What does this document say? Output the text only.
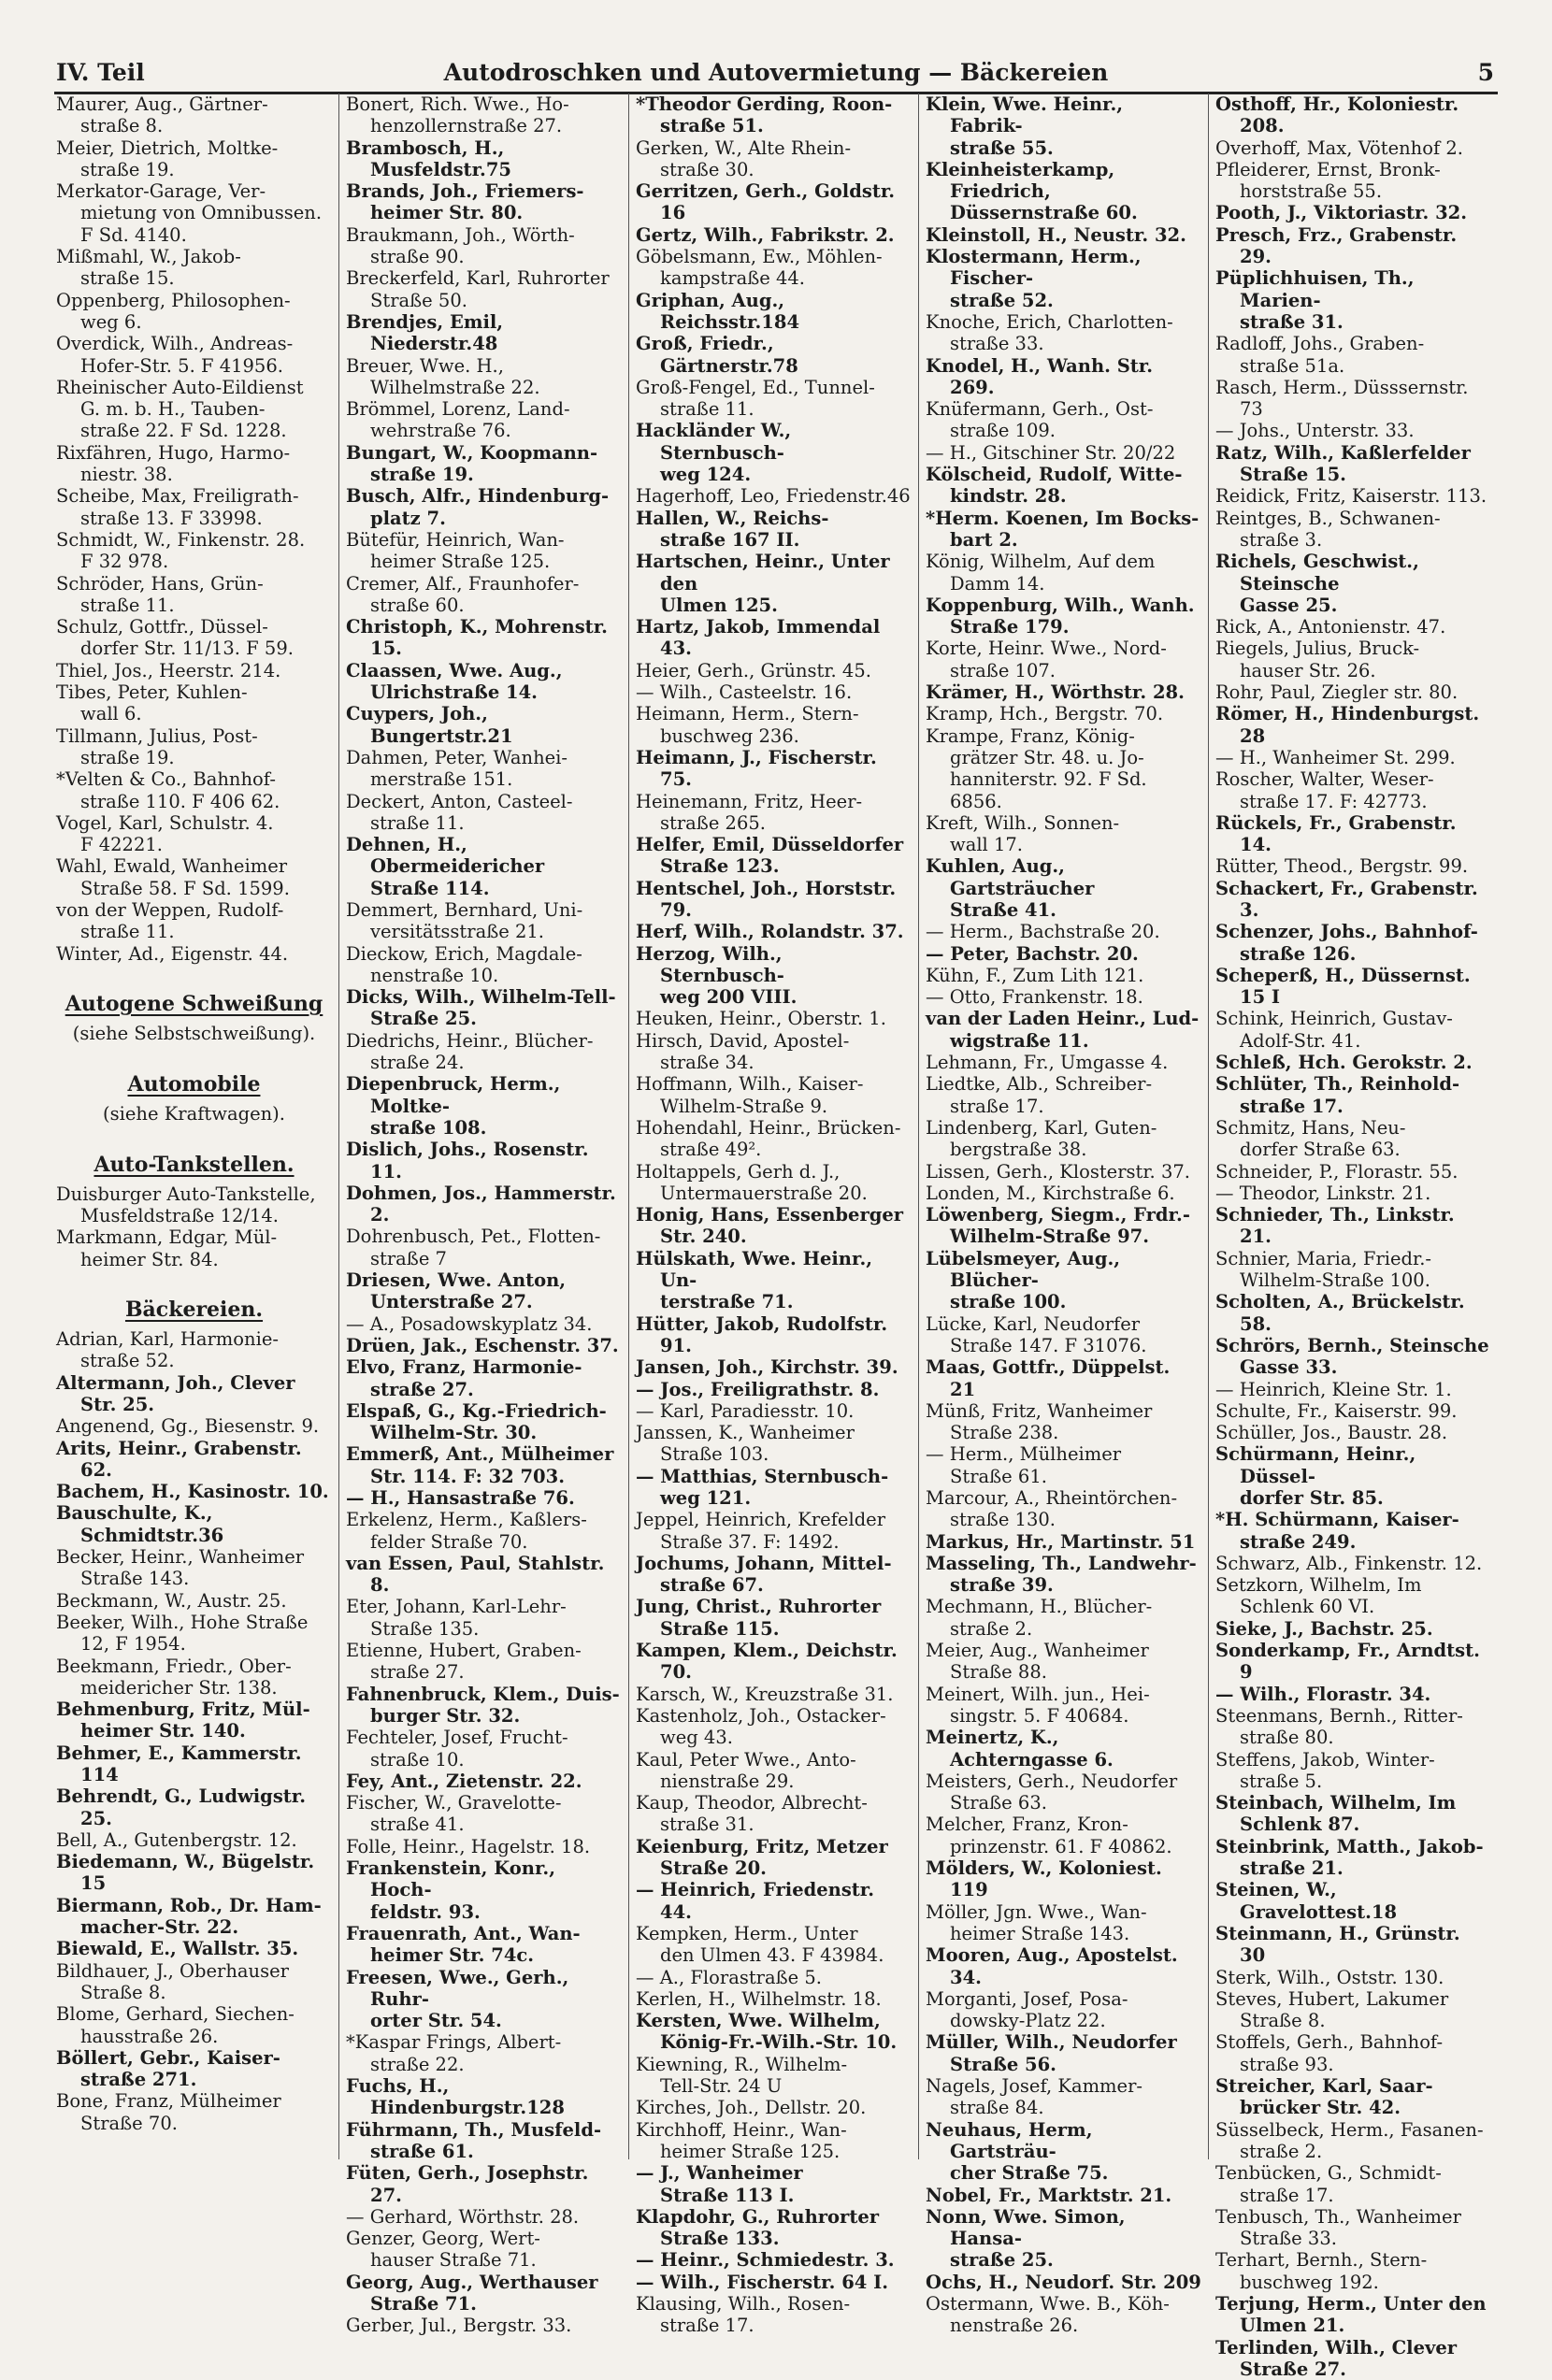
IV. Teil	Autodroschken und Autovermietung — Bäckereien	5
Maurer, Aug., Gärtner-
straße 8.
Meier, Dietrich, Moltke-
straße 19.
Merkator-Garage, Ver-
mietung von Omnibussen.
F Sd. 4140.
Mißmahl, W., Jakob-
straße 15.
Oppenberg, Philosophen-
weg 6.
Overdick, Wilh., Andreas-
Hofer-Str. 5. F 41956.
Rheinischer Auto-Eildienst
G. m. b. H., Tauben-
straße 22. F Sd. 1228.
Rixfähren, Hugo, Harmo-
niestr. 38.
Scheibe, Max, Freiligrath-
straße 13. F 33998.
Schmidt, W., Finkenstr. 28.
F 32 978.
Schröder, Hans, Grün-
straße 11.
Schulz, Gottfr., Düssel-
dorfer Str. 11/13. F 59.
Thiel, Jos., Heerstr. 214.
Tibes, Peter, Kuhlen-
wall 6.
Tillmann, Julius, Post-
straße 19.
*Velten & Co., Bahnhof-
straße 110. F 406 62.
Vogel, Karl, Schulstr. 4.
F 42221.
Wahl, Ewald, Wanheimer
Straße 58. F Sd. 1599.
von der Weppen, Rudolf-
straße 11.
Winter, Ad., Eigenstr. 44.
Autogene Schweißung
(siehe Selbstschweißung).
Automobile
(siehe Kraftwagen).
Auto-Tankstellen.
Duisburger Auto-Tankstelle,
Musfeldstraße 12/14.
Markmann, Edgar, Mül-
heimer Str. 84.
Bäckereien.
Adrian, Karl, Harmonie-
straße 52.
Altermann, Joh., Clever
Str. 25.
Angenend, Gg., Biesenstr. 9.
Arits, Heinr., Grabenstr. 62.
Bachem, H., Kasinostr. 10.
Bauschulte, K., Schmidtstr.36
Becker, Heinr., Wanheimer
Straße 143.
Beckmann, W., Austr. 25.
Beeker, Wilh., Hohe Straße
12, F 1954.
Beekmann, Friedr., Ober-
meidericher Str. 138.
Behmenburg, Fritz, Mül-
heimer Str. 140.
Behmer, E., Kammerstr. 114
Behrendt, G., Ludwigstr. 25.
Bell, A., Gutenbergstr. 12.
Biedemann, W., Bügelstr. 15
Biermann, Rob., Dr. Ham-
macher-Str. 22.
Biewald, E., Wallstr. 35.
Bildhauer, J., Oberhauser
Straße 8.
Blome, Gerhard, Siechen-
hausstraße 26.
Böllert, Gebr., Kaiser-
straße 271.
Bone, Franz, Mülheimer
Straße 70.
Bonert, Rich. Wwe., Ho-
henzollernstraße 27.
Brambosch, H., Musfeldstr.75
Brands, Joh., Friemers-
heimer Str. 80.
Braukmann, Joh., Wörth-
straße 90.
Breckerfeld, Karl, Ruhrorter
Straße 50.
Brendjes, Emil, Niederstr.48
Breuer, Wwe. H.,
Wilhelmstraße 22.
Brömmel, Lorenz, Land-
wehrstraße 76.
Bungart, W., Koopmann-
straße 19.
Busch, Alfr., Hindenburg-
platz 7.
Bütefür, Heinrich, Wan-
heimer Straße 125.
Cremer, Alf., Fraunhofer-
straße 60.
Christoph, K., Mohrenstr. 15.
Claassen, Wwe. Aug.,
Ulrichstraße 14.
Cuypers, Joh., Bungertstr.21
Dahmen, Peter, Wanhei-
merstraße 151.
Deckert, Anton, Casteel-
straße 11.
Dehnen, H., Obermeidericher
Straße 114.
Demmert, Bernhard, Uni-
versitätsstraße 21.
Dieckow, Erich, Magdale-
nenstraße 10.
Dicks, Wilh., Wilhelm-Tell-
Straße 25.
Diedrichs, Heinr., Blücher-
straße 24.
Diepenbruck, Herm., Moltke-
straße 108.
Dislich, Johs., Rosenstr. 11.
Dohmen, Jos., Hammerstr. 2.
Dohrenbusch, Pet., Flotten-
straße 7
Driesen, Wwe. Anton,
Unterstraße 27.
— A., Posadowskyplatz 34.
Drüen, Jak., Eschenstr. 37.
Elvo, Franz, Harmonie-
straße 27.
Elspaß, G., Kg.-Friedrich-
Wilhelm-Str. 30.
Emmerß, Ant., Mülheimer
Str. 114. F: 32 703.
— H., Hansastraße 76.
Erkelenz, Herm., Kaßlers-
felder Straße 70.
van Essen, Paul, Stahlstr. 8.
Eter, Johann, Karl-Lehr-
Straße 135.
Etienne, Hubert, Graben-
straße 27.
Fahnenbruck, Klem., Duis-
burger Str. 32.
Fechteler, Josef, Frucht-
straße 10.
Fey, Ant., Zietenstr. 22.
Fischer, W., Gravelotte-
straße 41.
Folle, Heinr., Hagelstr. 18.
Frankenstein, Konr., Hoch-
feldstr. 93.
Frauenrath, Ant., Wan-
heimer Str. 74c.
Freesen, Wwe., Gerh., Ruhr-
orter Str. 54.
*Kaspar Frings, Albert-
straße 22.
Fuchs, H., Hindenburgstr.128
Führmann, Th., Musfeld-
straße 61.
Füten, Gerh., Josephstr. 27.
— Gerhard, Wörthstr. 28.
Genzer, Georg, Wert-
hauser Straße 71.
Georg, Aug., Werthauser
Straße 71.
Gerber, Jul., Bergstr. 33.
*Theodor Gerding, Roon-
straße 51.
Gerken, W., Alte Rhein-
straße 30.
Gerritzen, Gerh., Goldstr. 16
Gertz, Wilh., Fabrikstr. 2.
Göbelsmann, Ew., Möhlen-
kampstraße 44.
Griphan, Aug., Reichsstr.184
Groß, Friedr., Gärtnerstr.78
Groß-Fengel, Ed., Tunnel-
straße 11.
Hackländer W., Sternbusch-
weg 124.
Hagerhoff, Leo, Friedenstr.46
Hallen, W., Reichs-
straße 167 II.
Hartschen, Heinr., Unter den
Ulmen 125.
Hartz, Jakob, Immendal 43.
Heier, Gerh., Grünstr. 45.
— Wilh., Casteelstr. 16.
Heimann, Herm., Stern-
buschweg 236.
Heimann, J., Fischerstr. 75.
Heinemann, Fritz, Heer-
straße 265.
Helfer, Emil, Düsseldorfer
Straße 123.
Hentschel, Joh., Horststr. 79.
Herf, Wilh., Rolandstr. 37.
Herzog, Wilh., Sternbusch-
weg 200 VIII.
Heuken, Heinr., Oberstr. 1.
Hirsch, David, Apostel-
straße 34.
Hoffmann, Wilh., Kaiser-
Wilhelm-Straße 9.
Hohendahl, Heinr., Brücken-
straße 49².
Holtappels, Gerh d. J.,
Untermauerstraße 20.
Honig, Hans, Essenberger
Str. 240.
Hülskath, Wwe. Heinr., Un-
terstraße 71.
Hütter, Jakob, Rudolfstr. 91.
Jansen, Joh., Kirchstr. 39.
— Jos., Freiligrathstr. 8.
— Karl, Paradiesstr. 10.
Janssen, K., Wanheimer
Straße 103.
— Matthias, Sternbusch-
weg 121.
Jeppel, Heinrich, Krefelder
Straße 37. F: 1492.
Jochums, Johann, Mittel-
straße 67.
Jung, Christ., Ruhrorter
Straße 115.
Kampen, Klem., Deichstr. 70.
Karsch, W., Kreuzstraße 31.
Kastenholz, Joh., Ostacker-
weg 43.
Kaul, Peter Wwe., Anto-
nienstraße 29.
Kaup, Theodor, Albrecht-
straße 31.
Keienburg, Fritz, Metzer
Straße 20.
— Heinrich, Friedenstr. 44.
Kempken, Herm., Unter
den Ulmen 43. F 43984.
— A., Florastraße 5.
Kerlen, H., Wilhelmstr. 18.
Kersten, Wwe. Wilhelm,
König-Fr.-Wilh.-Str. 10.
Kiewning, R., Wilhelm-
Tell-Str. 24 U
Kirches, Joh., Dellstr. 20.
Kirchhoff, Heinr., Wan-
heimer Straße 125.
— J., Wanheimer
Straße 113 I.
Klapdohr, G., Ruhrorter
Straße 133.
— Heinr., Schmiedestr. 3.
— Wilh., Fischerstr. 64 I.
Klausing, Wilh., Rosen-
straße 17.
Klein, Wwe. Heinr., Fabrik-
straße 55.
Kleinheisterkamp, Friedrich,
Düssernstraße 60.
Kleinstoll, H., Neustr. 32.
Klostermann, Herm., Fischer-
straße 52.
Knoche, Erich, Charlotten-
straße 33.
Knodel, H., Wanh. Str. 269.
Knüfermann, Gerh., Ost-
straße 109.
— H., Gitschiner Str. 20/22
Kölscheid, Rudolf, Witte-
kindstr. 28.
*Herm. Koenen, Im Bocks-
bart 2.
König, Wilhelm, Auf dem
Damm 14.
Koppenburg, Wilh., Wanh.
Straße 179.
Korte, Heinr. Wwe., Nord-
straße 107.
Krämer, H., Wörthstr. 28.
Kramp, Hch., Bergstr. 70.
Krampe, Franz, König-
grätzer Str. 48. u. Jo-
hanniterstr. 92. F Sd.
6856.
Kreft, Wilh., Sonnen-
wall 17.
Kuhlen, Aug., Gartsträucher
Straße 41.
— Herm., Bachstraße 20.
— Peter, Bachstr. 20.
Kühn, F., Zum Lith 121.
— Otto, Frankenstr. 18.
van der Laden Heinr., Lud-
wigstraße 11.
Lehmann, Fr., Umgasse 4.
Liedtke, Alb., Schreiber-
straße 17.
Lindenberg, Karl, Guten-
bergstraße 38.
Lissen, Gerh., Klosterstr. 37.
Londen, M., Kirchstraße 6.
Löwenberg, Siegm., Frdr.-
Wilhelm-Straße 97.
Lübelsmeyer, Aug., Blücher-
straße 100.
Lücke, Karl, Neudorfer
Straße 147. F 31076.
Maas, Gottfr., Düppelst. 21
Münß, Fritz, Wanheimer
Straße 238.
— Herm., Mülheimer
Straße 61.
Marcour, A., Rheintörchen-
straße 130.
Markus, Hr., Martinstr. 51
Masseling, Th., Landwehr-
straße 39.
Mechmann, H., Blücher-
straße 2.
Meier, Aug., Wanheimer
Straße 88.
Meinert, Wilh. jun., Hei-
singstr. 5. F 40684.
Meinertz, K., Achterngasse 6.
Meisters, Gerh., Neudorfer
Straße 63.
Melcher, Franz, Kron-
prinzenstr. 61. F 40862.
Mölders, W., Koloniest. 119
Möller, Jgn. Wwe., Wan-
heimer Straße 143.
Mooren, Aug., Apostelst. 34.
Morganti, Josef, Posa-
dowsky-Platz 22.
Müller, Wilh., Neudorfer
Straße 56.
Nagels, Josef, Kammer-
straße 84.
Neuhaus, Herm, Gartsträu-
cher Straße 75.
Nobel, Fr., Marktstr. 21.
Nonn, Wwe. Simon, Hansa-
straße 25.
Ochs, H., Neudorf. Str. 209
Ostermann, Wwe. B., Köh-
nenstraße 26.
Osthoff, Hr., Koloniestr. 208.
Overhoff, Max, Vötenhof 2.
Pfleiderer, Ernst, Bronk-
horststraße 55.
Pooth, J., Viktoriastr. 32.
Presch, Frz., Grabenstr. 29.
Püplichhuisen, Th., Marien-
straße 31.
Radloff, Johs., Graben-
straße 51a.
Rasch, Herm., Düsssernstr. 73
— Johs., Unterstr. 33.
Ratz, Wilh., Kaßlerfelder
Straße 15.
Reidick, Fritz, Kaiserstr. 113.
Reintges, B., Schwanen-
straße 3.
Richels, Geschwist., Steinsche
Gasse 25.
Rick, A., Antonienstr. 47.
Riegels, Julius, Bruck-
hauser Str. 26.
Rohr, Paul, Ziegler str. 80.
Römer, H., Hindenburgst. 28
— H., Wanheimer St. 299.
Roscher, Walter, Weser-
straße 17. F: 42773.
Rückels, Fr., Grabenstr. 14.
Rütter, Theod., Bergstr. 99.
Schackert, Fr., Grabenstr. 3.
Schenzer, Johs., Bahnhof-
straße 126.
Scheperß, H., Düssernst. 15 I
Schink, Heinrich, Gustav-
Adolf-Str. 41.
Schleß, Hch. Gerokstr. 2.
Schlüter, Th., Reinhold-
straße 17.
Schmitz, Hans, Neu-
dorfer Straße 63.
Schneider, P., Florastr. 55.
— Theodor, Linkstr. 21.
Schnieder, Th., Linkstr. 21.
Schnier, Maria, Friedr.-
Wilhelm-Straße 100.
Scholten, A., Brückelstr. 58.
Schrörs, Bernh., Steinsche
Gasse 33.
— Heinrich, Kleine Str. 1.
Schulte, Fr., Kaiserstr. 99.
Schüller, Jos., Baustr. 28.
Schürmann, Heinr., Düssel-
dorfer Str. 85.
*H. Schürmann, Kaiser-
straße 249.
Schwarz, Alb., Finkenstr. 12.
Setzkorn, Wilhelm, Im
Schlenk 60 VI.
Sieke, J., Bachstr. 25.
Sonderkamp, Fr., Arndtst. 9
— Wilh., Florastr. 34.
Steenmans, Bernh., Ritter-
straße 80.
Steffens, Jakob, Winter-
straße 5.
Steinbach, Wilhelm, Im
Schlenk 87.
Steinbrink, Matth., Jakob-
straße 21.
Steinen, W., Gravelottest.18
Steinmann, H., Grünstr. 30
Sterk, Wilh., Oststr. 130.
Steves, Hubert, Lakumer
Straße 8.
Stoffels, Gerh., Bahnhof-
straße 93.
Streicher, Karl, Saar-
brücker Str. 42.
Süsselbeck, Herm., Fasanen-
straße 2.
Tenbücken, G., Schmidt-
straße 17.
Tenbusch, Th., Wanheimer
Straße 33.
Terhart, Bernh., Stern-
buschweg 192.
Terjung, Herm., Unter den
Ulmen 21.
Terlinden, Wilh., Clever
Straße 27.
